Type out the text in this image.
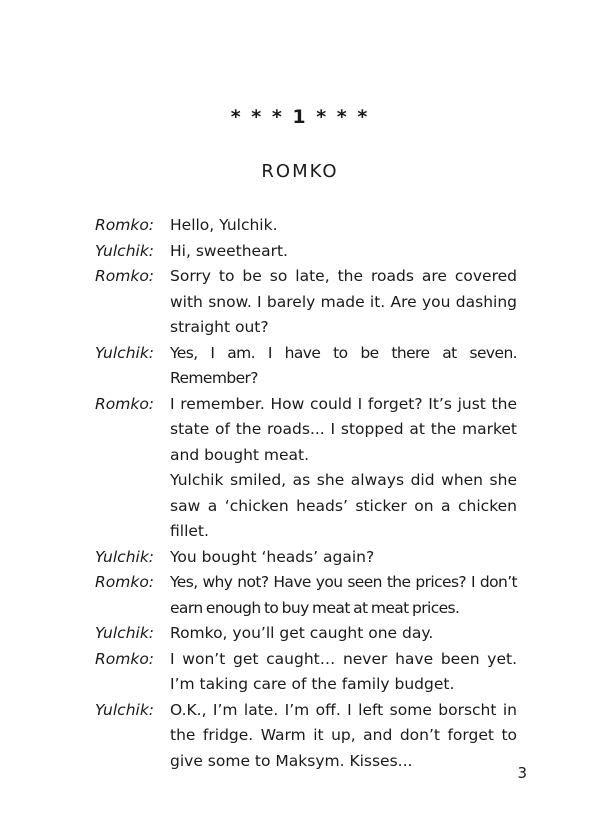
* * * 1 * * *
ROMKO
Romko:	Hello, Yulchik.
Yulchik:	Hi, sweetheart.
Romko:	Sorry to be so late, the roads are covered with snow. I barely made it. Are you dashing straight out?
Yulchik:	Yes, I am. I have to be there at seven. Remember?
Romko:	I remember. How could I forget? It’s just the state of the roads... I stopped at the market and bought meat.
Yulchik smiled, as she always did when she saw a ‘chicken heads’ sticker on a chicken fillet.
Yulchik:	You bought ‘heads’ again?
Romko:	Yes, why not? Have you seen the prices? I don’t earn enough to buy meat at meat prices.
Yulchik:	Romko, you’ll get caught one day.
Romko:	I won’t get caught… never have been yet. I’m taking care of the family budget.
Yulchik:	O.K., I’m late. I’m off. I left some borscht in the fridge. Warm it up, and don’t forget to give some to Maksym. Kisses...
3
